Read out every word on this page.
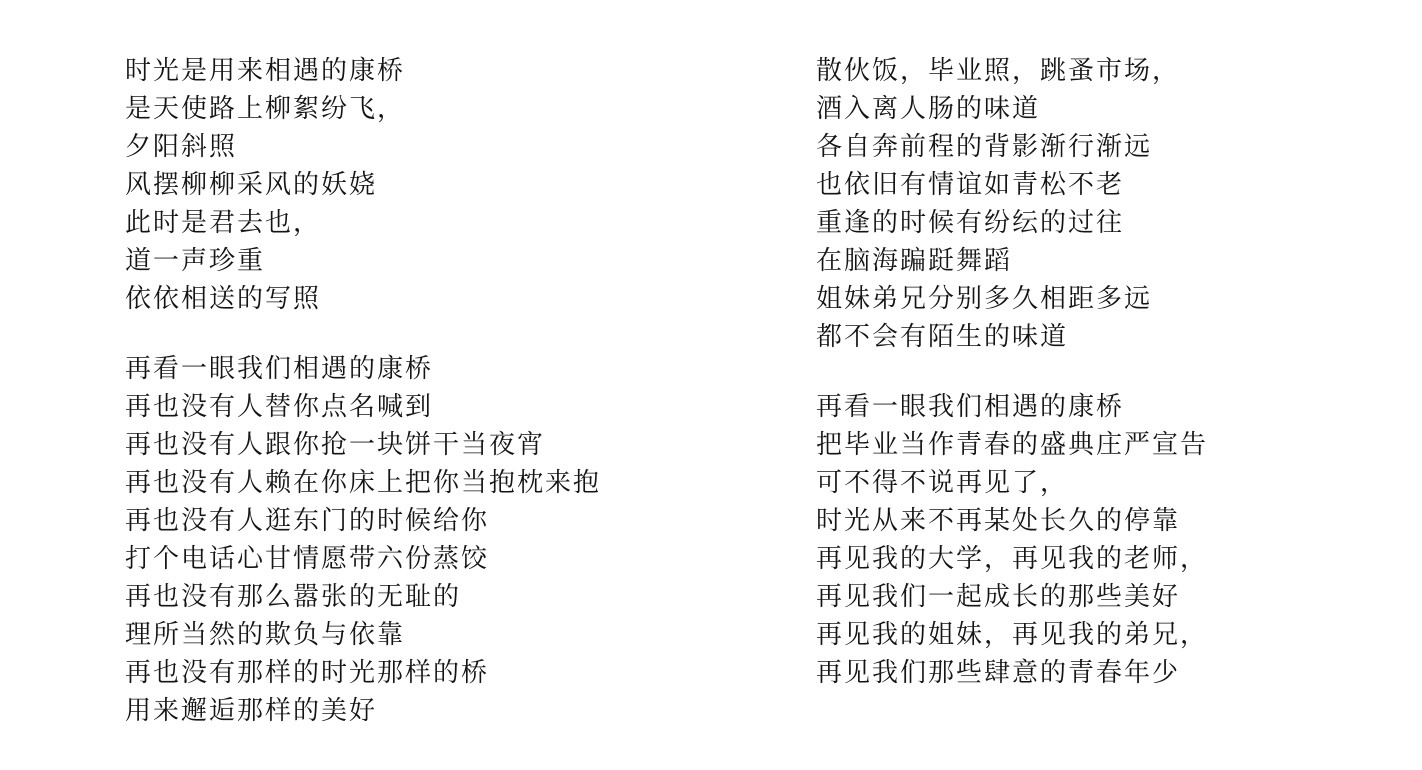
时光是用来相遇的康桥
是天使路上柳絮纷飞，
夕阳斜照
风摆柳柳采风的妖娆
此时是君去也，
道一声珍重
依依相送的写照
再看一眼我们相遇的康桥
再也没有人替你点名喊到
再也没有人跟你抢一块饼干当夜宵
再也没有人赖在你床上把你当抱枕来抱
再也没有人逛东门的时候给你
打个电话心甘情愿带六份蒸饺
再也没有那么嚣张的无耻的
理所当然的欺负与依靠
再也没有那样的时光那样的桥
用来邂逅那样的美好
散伙饭，毕业照，跳蚤市场，
酒入离人肠的味道
各自奔前程的背影渐行渐远
也依旧有情谊如青松不老
重逢的时候有纷纭的过往
在脑海蹁跹舞蹈
姐妹弟兄分别多久相距多远
都不会有陌生的味道
再看一眼我们相遇的康桥
把毕业当作青春的盛典庄严宣告
可不得不说再见了，
时光从来不再某处长久的停靠
再见我的大学，再见我的老师，
再见我们一起成长的那些美好
再见我的姐妹，再见我的弟兄，
再见我们那些肆意的青春年少
